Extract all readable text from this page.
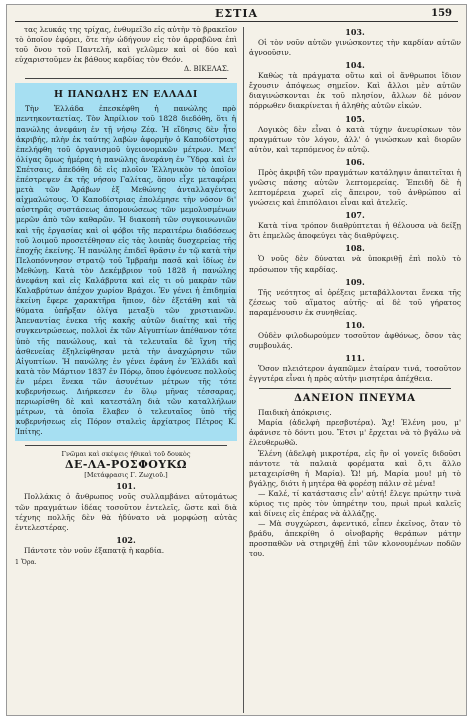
ΕΣΤΙΑ	159

τας λευκάς της τρίχας, ἐνθυμεῖ3ο εἰς αὐτὴν τὸ βρακεῖον τὸ ὁποῖον ἐφόρει, ὅτε τὴν ὡδήγουν εἰς τὸν ἀρραβῶνα ἐπὶ τοῦ ὄνου τοῦ Παντελῆ, καὶ γελῶμεν καὶ οἱ δύο καὶ εὐχαριστοῦμεν ἐκ βάθους καρδίας τὸν Θεόν.

Δ. ΒΙΚΕΛΑΣ.

Η ΠΑΝΩΛΗΣ ΕΝ ΕΛΛΑΔΙ

Τὴν Ἑλλάδα ἐπεσκέφθη ἡ πανώλης πρὸ πεντηκονταετίας. Τὸν Ἀπρίλιον τοῦ 1828 διεδόθη, ὅτι ἡ πανώλης ἀνεφάνη ἐν τῇ νήσῳ Ζέᾳ. Ἡ εἴδησις δὲν ἦτο ἀκριβής, πλὴν ἐκ ταύτης λαβὼν ἀφορμὴν ὁ Καποδίστριας ἐπελήφθη τοῦ ὀργανισμοῦ ὑγειονομικῶν μέτρων. Μετ' ὀλίγας ὅμως ἡμέρας ἡ πανώλης ἀνεφάνη ἐν Ὕδρᾳ καὶ ἐν Σπέτσαις, ἀπεδόθη δὲ εἰς πλοῖον Ἑλληνικὸν τὸ ὁποῖον ἐπέστρεψεν ἐκ τῆς νήσου Γαλίτας, ὅπου εἶχε μεταφέρει μετὰ τῶν Ἀράβων ἐξ Μεθώνης ἀνταλλαγέντας αἰχμαλώτους. Ὁ Καποδίστριας ἐπολέμησε τὴν νόσον δι' αὐστηρᾶς συστάσεως ἀπομονώσεως τῶν μεμολυσμένων μερῶν ἀπὸ τῶν καθαρῶν. Ἡ διακοπὴ τῶν συγκοινωνιῶν καὶ τῆς ἐργασίας καὶ οἱ φόβοι τῆς περαιτέρω διαδόσεως τοῦ λοιμοῦ προσετέθησαν εἰς τὰς λοιπὰς δυσχερείας τῆς ἐποχῆς ἐκείνης. Ἡ πανώλης ἐπιδεῖ θρᾶσιν ἐν τῷ κατὰ τὴν Πελοπόννησον στρατῷ τοῦ Ἰμβραὴμ πασᾶ καὶ ἰδίως ἐν Μεθώνῃ. Κατὰ τὸν Δεκέμβριον τοῦ 1828 ἡ πανώλης ἀνεφάνη καὶ εἰς Καλάβρυτα καὶ εἰς τι οὐ μακρὰν τῶν Καλαβρύτων ἀπέχον χωρίον Βράχοι. Ἐν γένει ἡ ἐπιδημία ἐκείνη ἔφερε χαρακτῆρα ἤπιον, δὲν ἐξετάθη καὶ τὰ θύματα ὑπῆρξαν ὀλίγα μεταξὺ τῶν χριστιανῶν. Ἀπεναντίας ἐνεκα τῆς κακῆς αὐτῶν διαίτης καὶ τῆς συγκεντρώσεως, πολλοὶ ἐκ τῶν Αἰγυπτίων ἀπέθανον τότε ὑπὸ τῆς πανώλους, καὶ τὰ τελευταῖα δὲ ἴχνη τῆς ἀσθενείας ἐξηλείφθησαν μετὰ τὴν ἀναχώρησιν τῶν Αἰγυπτίων. Ἡ πανώλης ἐν γένει ἐφάνη ἐν Ἑλλάδι καὶ κατὰ τὸν Μάρτιον 1837 ἐν Πόρῳ, ὅπου ἐφόνευσε πολλοὺς ἐν μέρει ἕνεκα τῶν ἀσυνέτων μέτρων τῆς τότε κυβερνήσεως. Διήρκεσεν ἐν ὅλῳ μῆνας τέσσαρας, περιωρίσθη δὲ καὶ κατεστάλη διὰ τῶν καταλλήλων μέτρων, τὰ ὁποῖα ἔλαβεν ὁ τελευταῖος ὑπὸ τῆς κυβερνήσεως εἰς Πόρον σταλεὶς ἀρχίατρος Πέτρος Κ. Ἰπίτης.

Γνῶμαι καὶ σκέψεις ἠθικαὶ τοῦ δουκὸς
ΔΕ-ΛΑ-ΡΟΣΦΟΥΚΩ
[Μετάφρασις Γ. Ζωχιοῦ.]
101.

Πολλάκις ὁ ἄνθρωπος νοῦς συλλαμβάνει αὐτομάτως τῶν πραγμάτων ἰδέας τοσοῦτον ἐντελεῖς, ὥστε καὶ διὰ τέχνης πολλῆς δὲν θὰ ἠδύνατο νὰ μορφώσῃ αὐτὰς ἐντελεστέρας.

102.

Πάντοτε τὸν νοῦν ἐξαπατᾷ ἡ καρδία.

1 Ὅρα.

103.

Οἱ τὸν νοῦν αὐτῶν γινώσκοντες τὴν καρδίαν αὐτῶν ἀγνοοῦσιν.

104.

Καθὼς τὰ πράγματα οὕτω καὶ οἱ ἄνθρωποι ἴδιον ἔχουσιν ἀπόψεως σημεῖον. Καὶ ἄλλοι μὲν αὐτῶν διαγινώσκονται ἐκ τοῦ πλησίον, ἄλλων δὲ μόνον πόρρωθεν διακρίνεται ἡ ἀληθὴς αὐτῶν εἰκών.

105.

Λογικὸς δὲν εἶναι ὁ κατὰ τύχην ἀνευρίσκων τὸν πραγμάτων τὸν λόγον, ἀλλ' ὁ γινώσκων καὶ διορῶν αὐτὸν, καὶ τερπόμενος ἐν αὐτῷ.

106.

Πρὸς ἀκριβῆ τῶν πραγμάτων κατάληψιν ἀπαιτεῖται ἡ γνῶσις πάσης αὐτῶν λεπτομερείας. Ἐπειδὴ δὲ ἡ λεπτομέρεια χωρεῖ εἰς ἄπειρον, τοῦ ἀνθρώπου αἱ γνώσεις καὶ ἐπιπόλαιοι εἶναι καὶ ἀτελεῖς.

107.

Κατὰ τίνα τρόπον διαθρύπτεται ἡ θέλουσα νὰ δείξῃ ὅτι ἐπμελῶς ἀποφεύγει τὰς διαθρύψεις.

108.

Ὁ νοῦς δὲν δύναται νὰ ὑποκριθῇ ἐπὶ πολὺ τὸ πρόσωπον τῆς καρδίας.

109.

Τῆς νεότητος αἱ ὀρέξεις μεταβάλλονται ἕνεκα τῆς ζέσεως τοῦ αἵματος αὐτῆς· αἱ δὲ τοῦ γήρατος παραμένουσιν ἐκ συνηθείας.

110.

Οὐδὲν φιλοδωρούμεν τοσοῦτον ἀφθόνως, ὅσον τὰς συμβουλάς.

111.

Ὅσον πλειότερον ἀγαπῶμεν ἑταίραν τινά, τοσοῦτον ἐγγυτέρα εἶναι ἡ πρὸς αὐτὴν μισητέρα ἀπέχθεια.

ΔΑΝΕΙΟΝ ΠΝΕΥΜΑ

Παιδικὴ ἀπόκρισις.

Μαρία (ἀδελφὴ πρεσβυτέρα). Ἄχ! Ἑλένη μου, μ' ἀφάνισε τὸ δόντι μου. Ἔτσι μ' ἔρχεται νὰ τὸ βγάλω νὰ ἐλευθερωθῶ.

Ἑλένη (ἀδελφὴ μικροτέρα, εἰς ἣν οἱ γονεῖς διδοῦσι πάντοτε τὰ παλαιὰ φορέματα καὶ ὅ,τι ἄλλο μεταχειρίσθη ἡ Μαρία). Ὤ! μή, Μαρία μου! μὴ τὸ βγάλῃς, διότι ἡ μητέρα θὰ φορέσῃ πάλιν σὲ μένα!

— Καλέ, τί κατάστασις εἶν' αὐτή! ἔλεγε πρώτην τινὰ κύριος τις πρὸς τὸν ὑπηρέτην του, πρωὶ πρωὶ καλεῖς καὶ δίνεις εἰς ἐπέρας νὰ ἀλλάζῃς.

— Μὰ συγχώρεσι, ἀφεντικό, εἶπεν ἐκεῖνος, ὅταν τὸ βράδυ, ἀπεκρίθη ὁ οἰνοβαρὴς θεράπων μάτην προσπαθῶν νὰ στηριχθῇ ἐπὶ τῶν κλονουμένων ποδῶν του.
